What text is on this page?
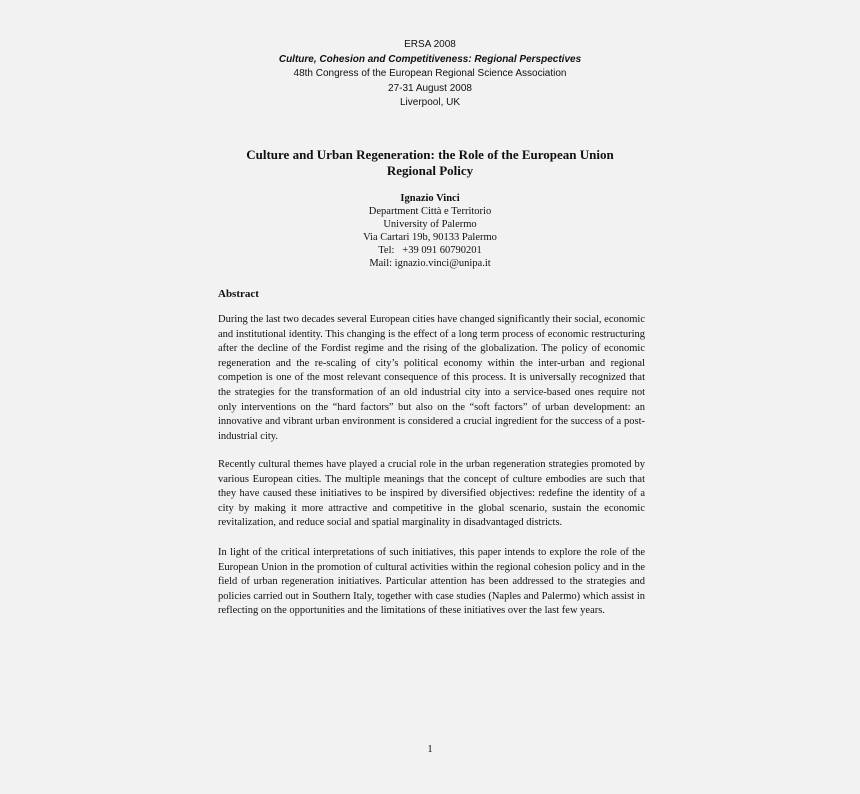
ERSA 2008
Culture, Cohesion and Competitiveness: Regional Perspectives
48th Congress of the European Regional Science Association
27-31 August 2008
Liverpool, UK
Culture and Urban Regeneration: the Role of the European Union
Regional Policy
Ignazio Vinci
Department Città e Territorio
University of Palermo
Via Cartari 19b, 90133 Palermo
Tel:   +39 091 60790201
Mail: ignazio.vinci@unipa.it
Abstract

During the last two decades several European cities have changed significantly their social, economic and institutional identity. This changing is the effect of a long term process of economic restructuring after the decline of the Fordist regime and the rising of the globalization. The policy of economic regeneration and the re-scaling of city’s political economy within the inter-urban and regional competion is one of the most relevant consequence of this process. It is universally recognized that the strategies for the transformation of an old industrial city into a service-based ones require not only interventions on the “hard factors” but also on the “soft factors” of urban development: an innovative and vibrant urban environment is considered a crucial ingredient for the success of a post-industrial city.

Recently cultural themes have played a crucial role in the urban regeneration strategies promoted by various European cities. The multiple meanings that the concept of culture embodies are such that they have caused these initiatives to be inspired by diversified objectives: redefine the identity of a city by making it more attractive and competitive in the global scenario, sustain the economic revitalization, and reduce social and spatial marginality in disadvantaged districts.

In light of the critical interpretations of such initiatives, this paper intends to explore the role of the European Union in the promotion of cultural activities within the regional cohesion policy and in the field of urban regeneration initiatives. Particular attention has been addressed to the strategies and policies carried out in Southern Italy, together with case studies (Naples and Palermo) which assist in reflecting on the opportunities and the limitations of these initiatives over the last few years.

1
